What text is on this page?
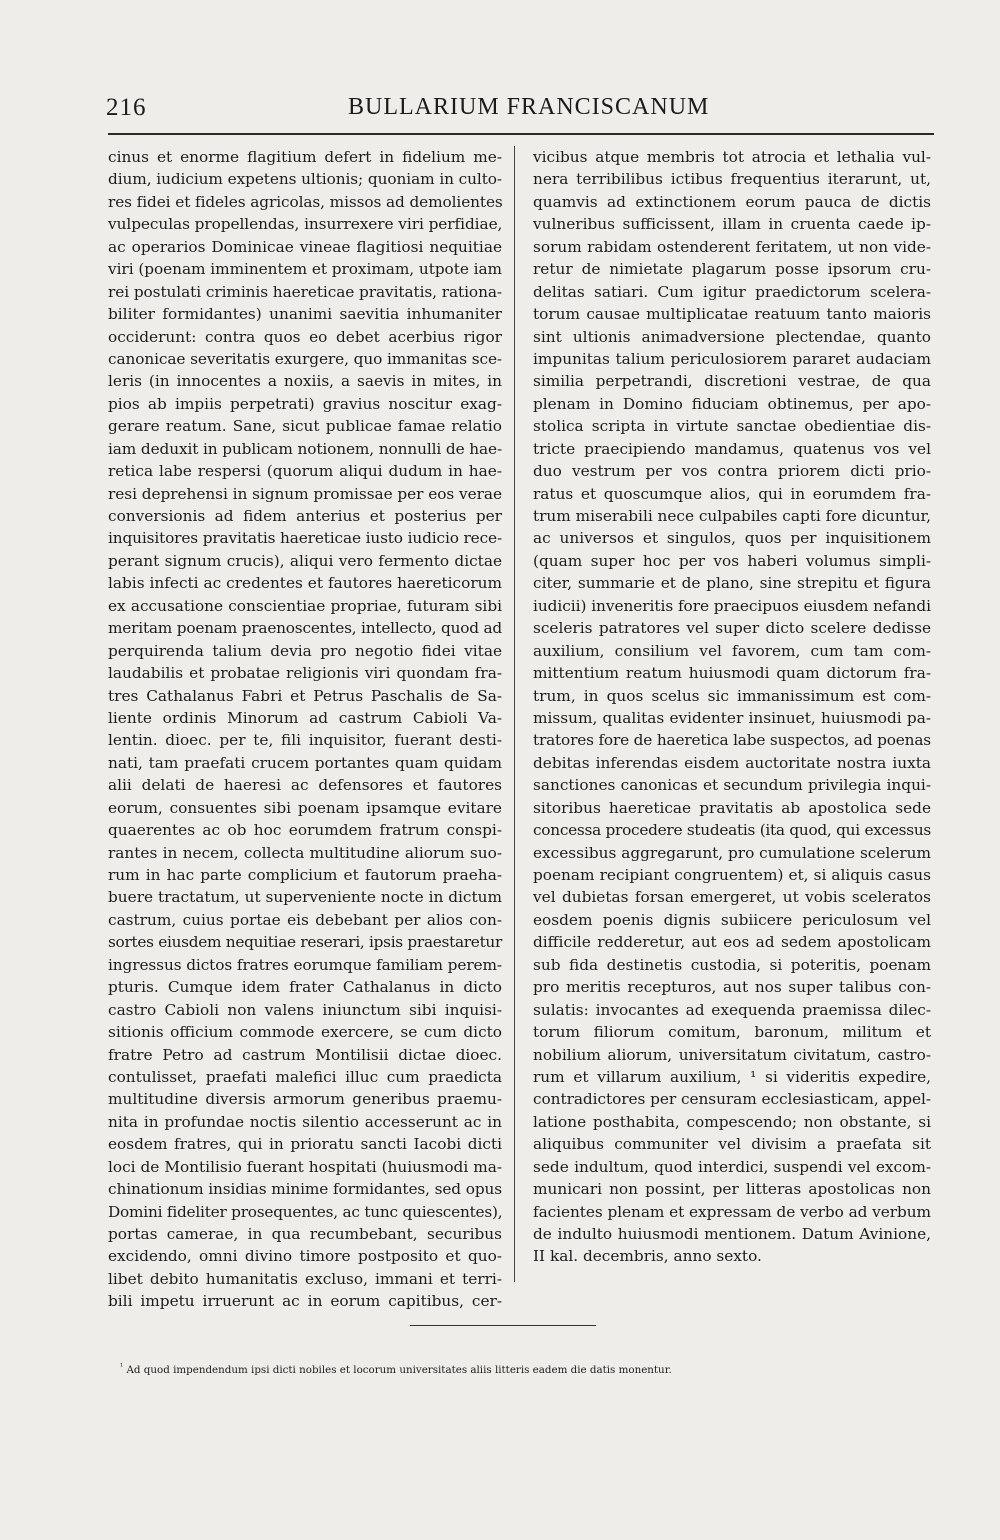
216	BULLARIUM FRANCISCANUM
cinus et enorme flagitium defert in fidelium me-
dium, iudicium expetens ultionis; quoniam in culto-
res fidei et fideles agricolas, missos ad demolientes
vulpeculas propellendas, insurrexere viri perfidiae,
ac operarios Dominicae vineae flagitiosi nequitiae
viri (poenam imminentem et proximam, utpote iam
rei postulati criminis haereticae pravitatis, rationa-
biliter formidantes) unanimi saevitia inhumaniter
occiderunt: contra quos eo debet acerbius rigor
canonicae severitatis exurgere, quo immanitas sce-
leris (in innocentes a noxiis, a saevis in mites, in
pios ab impiis perpetrati) gravius noscitur exag-
gerare reatum. Sane, sicut publicae famae relatio
iam deduxit in publicam notionem, nonnulli de hae-
retica labe respersi (quorum aliqui dudum in hae-
resi deprehensi in signum promissae per eos verae
conversionis ad fidem anterius et posterius per
inquisitores pravitatis haereticae iusto iudicio rece-
perant signum crucis), aliqui vero fermento dictae
labis infecti ac credentes et fautores haereticorum
ex accusatione conscientiae propriae, futuram sibi
meritam poenam praenoscentes, intellecto, quod ad
perquirenda talium devia pro negotio fidei vitae
laudabilis et probatae religionis viri quondam fra-
tres Cathalanus Fabri et Petrus Paschalis de Sa-
liente ordinis Minorum ad castrum Cabioli Va-
lentin. dioec. per te, fili inquisitor, fuerant desti-
nati, tam praefati crucem portantes quam quidam
alii delati de haeresi ac defensores et fautores
eorum, consuentes sibi poenam ipsamque evitare
quaerentes ac ob hoc eorumdem fratrum conspi-
rantes in necem, collecta multitudine aliorum suo-
rum in hac parte complicium et fautorum praeha-
buere tractatum, ut superveniente nocte in dictum
castrum, cuius portae eis debebant per alios con-
sortes eiusdem nequitiae reserari, ipsis praestaretur
ingressus dictos fratres eorumque familiam perem-
pturis. Cumque idem frater Cathalanus in dicto
castro Cabioli non valens iniunctum sibi inquisi-
sitionis officium commode exercere, se cum dicto
fratre Petro ad castrum Montilisii dictae dioec.
contulisset, praefati malefici illuc cum praedicta
multitudine diversis armorum generibus praemu-
nita in profundae noctis silentio accesserunt ac in
eosdem fratres, qui in prioratu sancti Iacobi dicti
loci de Montilisio fuerant hospitati (huiusmodi ma-
chinationum insidias minime formidantes, sed opus
Domini fideliter prosequentes, ac tunc quiescentes),
portas camerae, in qua recumbebant, securibus
excidendo, omni divino timore postposito et quo-
libet debito humanitatis excluso, immani et terri-
bili impetu irruerunt ac in eorum capitibus, cer-
vicibus atque membris tot atrocia et lethalia vul-
nera terribilibus ictibus frequentius iterarunt, ut,
quamvis ad extinctionem eorum pauca de dictis
vulneribus sufficissent, illam in cruenta caede ip-
sorum rabidam ostenderent feritatem, ut non vide-
retur de nimietate plagarum posse ipsorum cru-
delitas satiari. Cum igitur praedictorum scelera-
torum causae multiplicatae reatuum tanto maioris
sint ultionis animadversione plectendae, quanto
impunitas talium periculosiorem pararet audaciam
similia perpetrandi, discretioni vestrae, de qua
plenam in Domino fiduciam obtinemus, per apo-
stolica scripta in virtute sanctae obedientiae dis-
tricte praecipiendo mandamus, quatenus vos vel
duo vestrum per vos contra priorem dicti prio-
ratus et quoscumque alios, qui in eorumdem fra-
trum miserabili nece culpabiles capti fore dicuntur,
ac universos et singulos, quos per inquisitionem
(quam super hoc per vos haberi volumus simpli-
citer, summarie et de plano, sine strepitu et figura
iudicii) inveneritis fore praecipuos eiusdem nefandi
sceleris patratores vel super dicto scelere dedisse
auxilium, consilium vel favorem, cum tam com-
mittentium reatum huiusmodi quam dictorum fra-
trum, in quos scelus sic immanissimum est com-
missum, qualitas evidenter insinuet, huiusmodi pa-
tratores fore de haeretica labe suspectos, ad poenas
debitas inferendas eisdem auctoritate nostra iuxta
sanctiones canonicas et secundum privilegia inqui-
sitoribus haereticae pravitatis ab apostolica sede
concessa procedere studeatis (ita quod, qui excessus
excessibus aggregarunt, pro cumulatione scelerum
poenam recipiant congruentem) et, si aliquis casus
vel dubietas forsan emergeret, ut vobis sceleratos
eosdem poenis dignis subiicere periculosum vel
difficile redderetur, aut eos ad sedem apostolicam
sub fida destinetis custodia, si poteritis, poenam
pro meritis recepturos, aut nos super talibus con-
sulatis: invocantes ad exequenda praemissa dilec-
torum filiorum comitum, baronum, militum et
nobilium aliorum, universitatum civitatum, castro-
rum et villarum auxilium, ¹ si videritis expedire,
contradictores per censuram ecclesiasticam, appel-
latione posthabita, compescendo; non obstante, si
aliquibus communiter vel divisim a praefata sit
sede indultum, quod interdici, suspendi vel excom-
municari non possint, per litteras apostolicas non
facientes plenam et expressam de verbo ad verbum
de indulto huiusmodi mentionem. Datum Avinione,
II kal. decembris, anno sexto.
$^{^1}$ Ad quod impendendum ipsi dicti nobiles et locorum universitates aliis litteris eadem die datis monentur.
